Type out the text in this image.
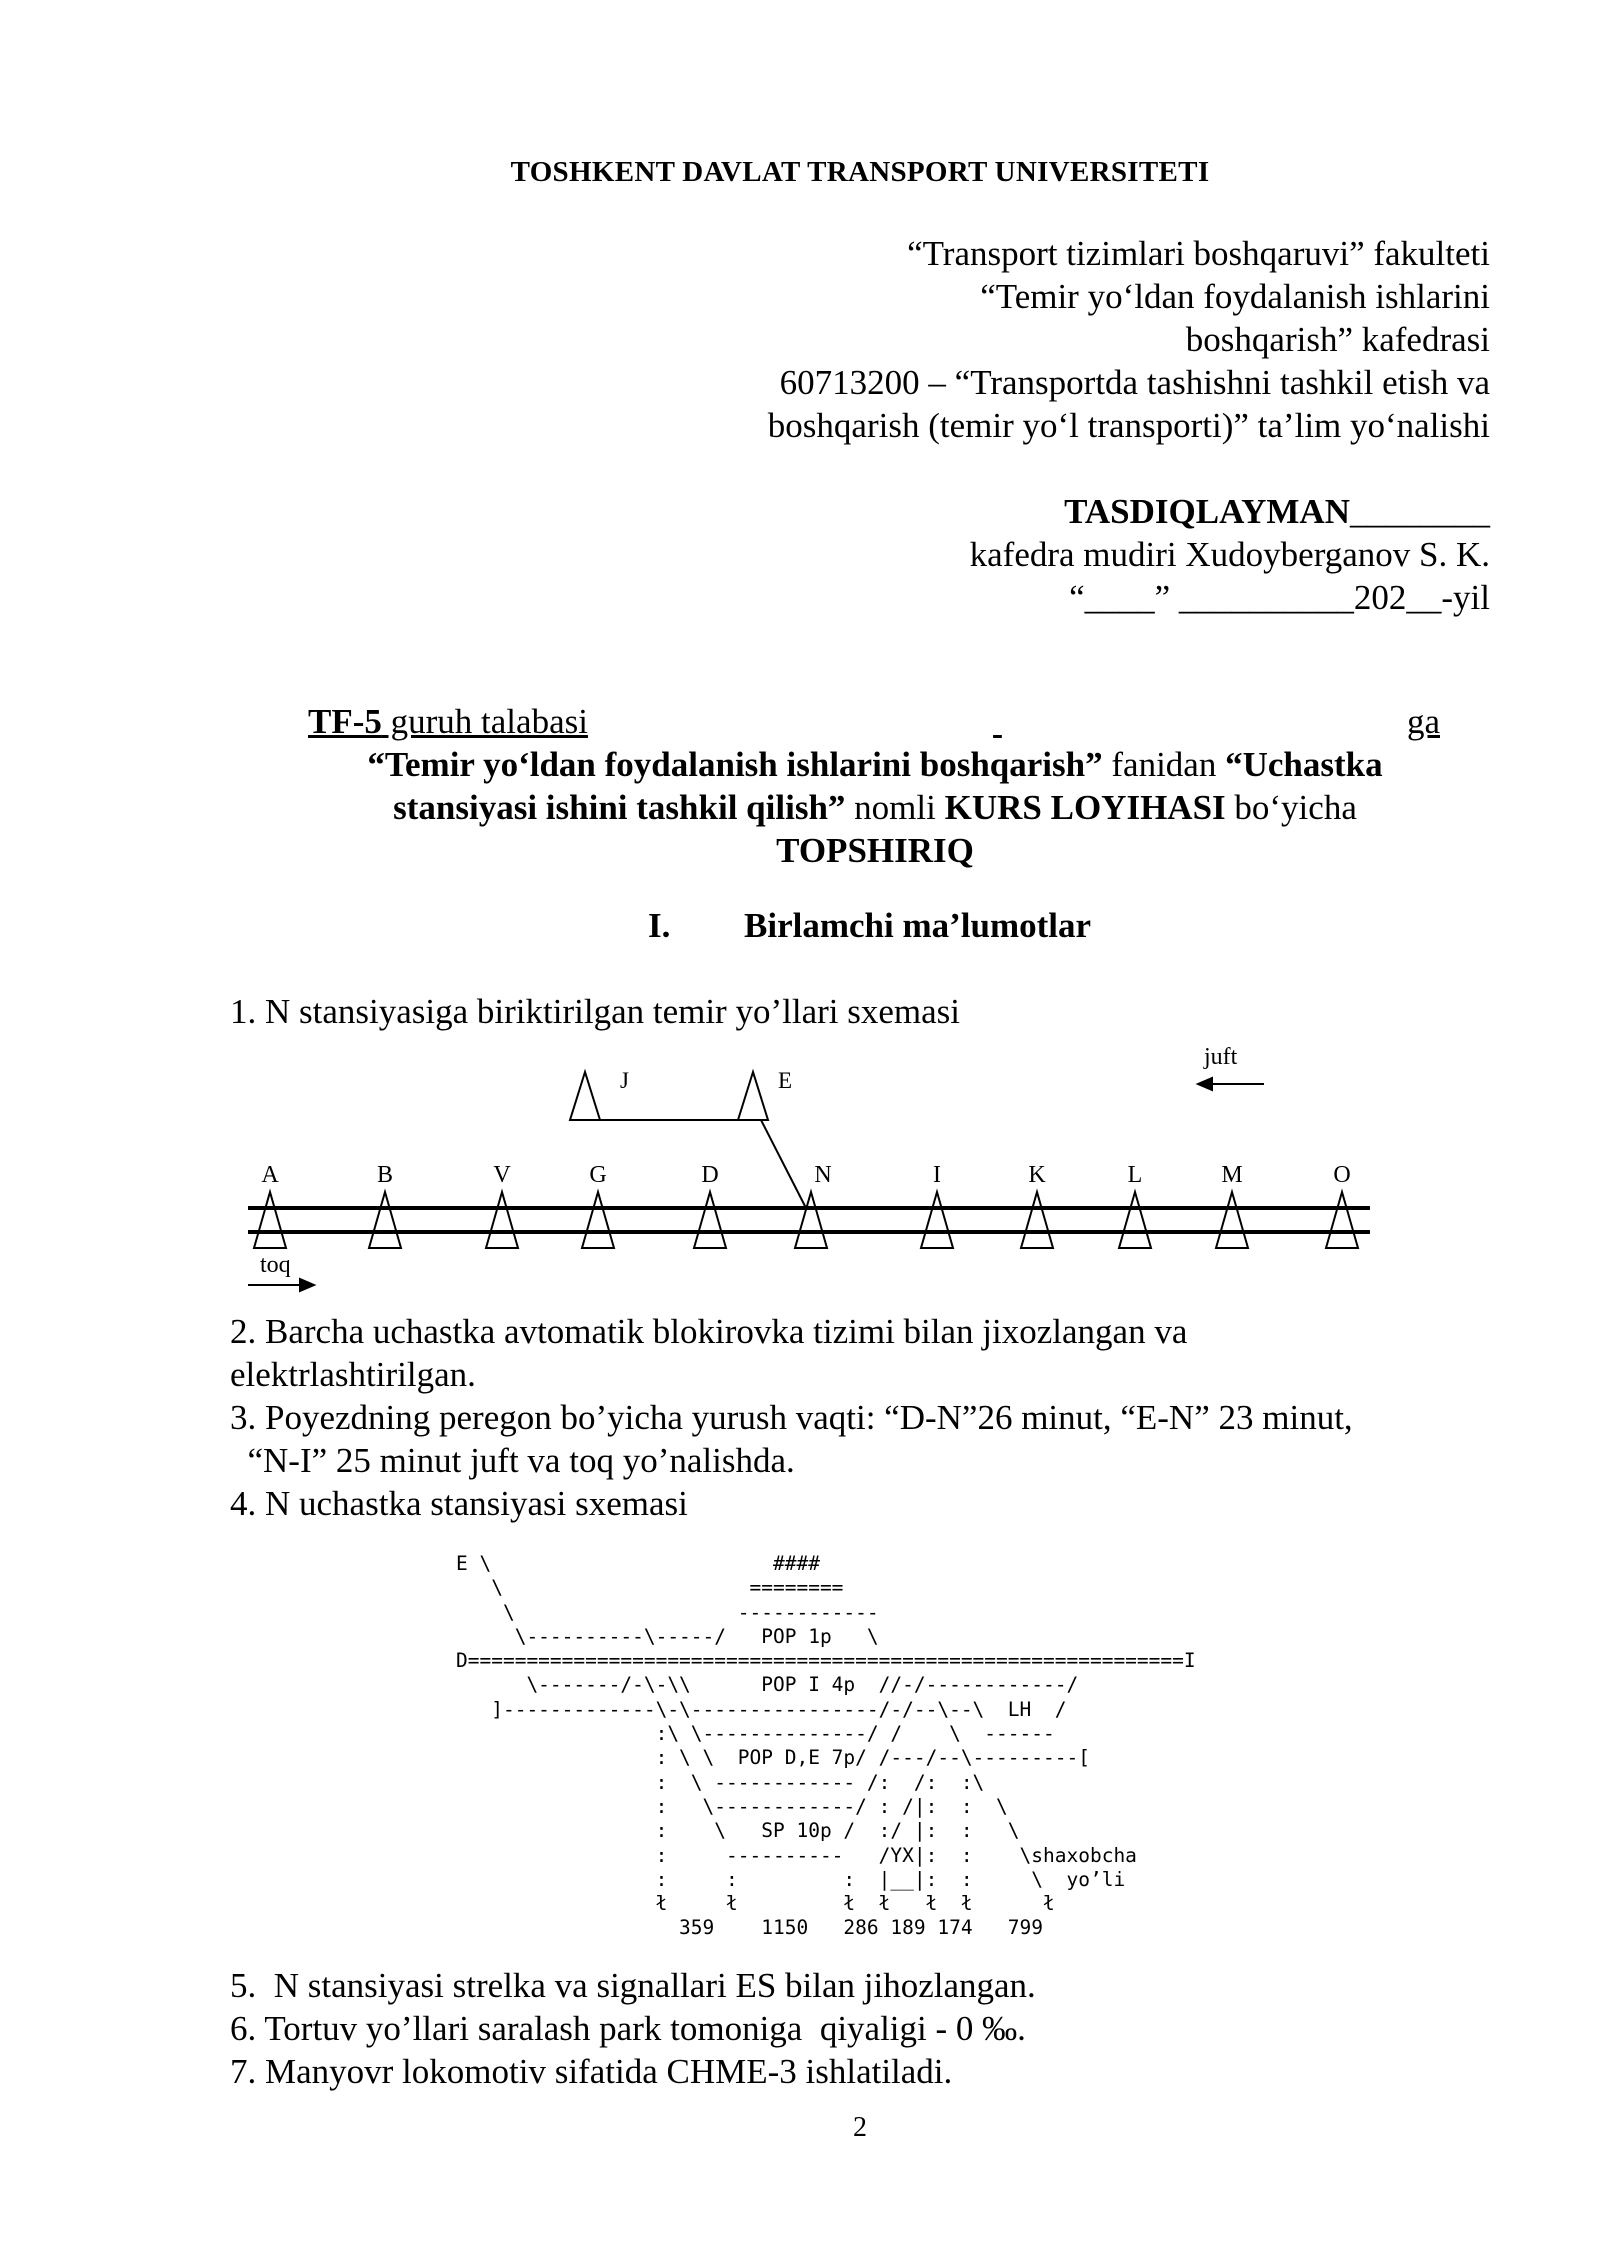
TOSHKENT DAVLAT TRANSPORT UNIVERSITETI
“Transport tizimlari boshqaruvi” fakulteti
“Temir yo‘ldan foydalanish ishlarini
boshqarish” kafedrasi
60713200 – “Transportda tashishni tashkil etish va
boshqarish (temir yo‘l transporti)” ta’lim yo‘nalishi
TASDIQLAYMAN________
kafedra mudiri Xudoyberganov S. K.
“____” __________202__-yil
TF-5 guruh talabasi
	ga
“Temir yo‘ldan foydalanish ishlarini boshqarish” fanidan “Uchastka
stansiyasi ishini tashkil qilish” nomli KURS LOYIHASI bo‘yicha
TOPSHIRIQ
I. Birlamchi ma’lumotlar
1. N stansiyasiga biriktirilgan temir yo’llari sxemasi
A	B	V	G	D	N	I	K	L	M	O
J	E
juft
toq
2. Barcha uchastka avtomatik blokirovka tizimi bilan jixozlangan va
elektrlashtirilgan.
3. Poyezdning peregon bo’yicha yurush vaqti: “D-N”26 minut, “E-N” 23 minut,
“N-I” 25 minut juft va toq yo’nalishda.
4. N uchastka stansiyasi sxemasi
E \                        ####
\                     ========
\                   ------------
\----------\-----/   POP 1p   \
D=============================================================I
\-------/-\-\\      POP I 4p  //-/------------/
]-------------\-\----------------/-/--\--\  LH  /
:\ \--------------/ /    \  ------
: \ \  POP D,E 7p/ /---/--\---------[
:  \ ------------ /:  /:  :\
:   \------------/ : /|:  :  \
:    \   SP 10p /  :/ |:  :   \
:     ----------   /YX|:  :    \shaxobcha
:     :         :  |__|:  :     \  yo’li
ł     ł         ł  ł   ł  ł      ł
359    1150   286 189 174   799
5.  N stansiyasi strelka va signallari ES bilan jihozlangan.
6. Tortuv yo’llari saralash park tomoniga  qiyaligi - 0 ‰.
7. Manyovr lokomotiv sifatida CHME-3 ishlatiladi.
2
